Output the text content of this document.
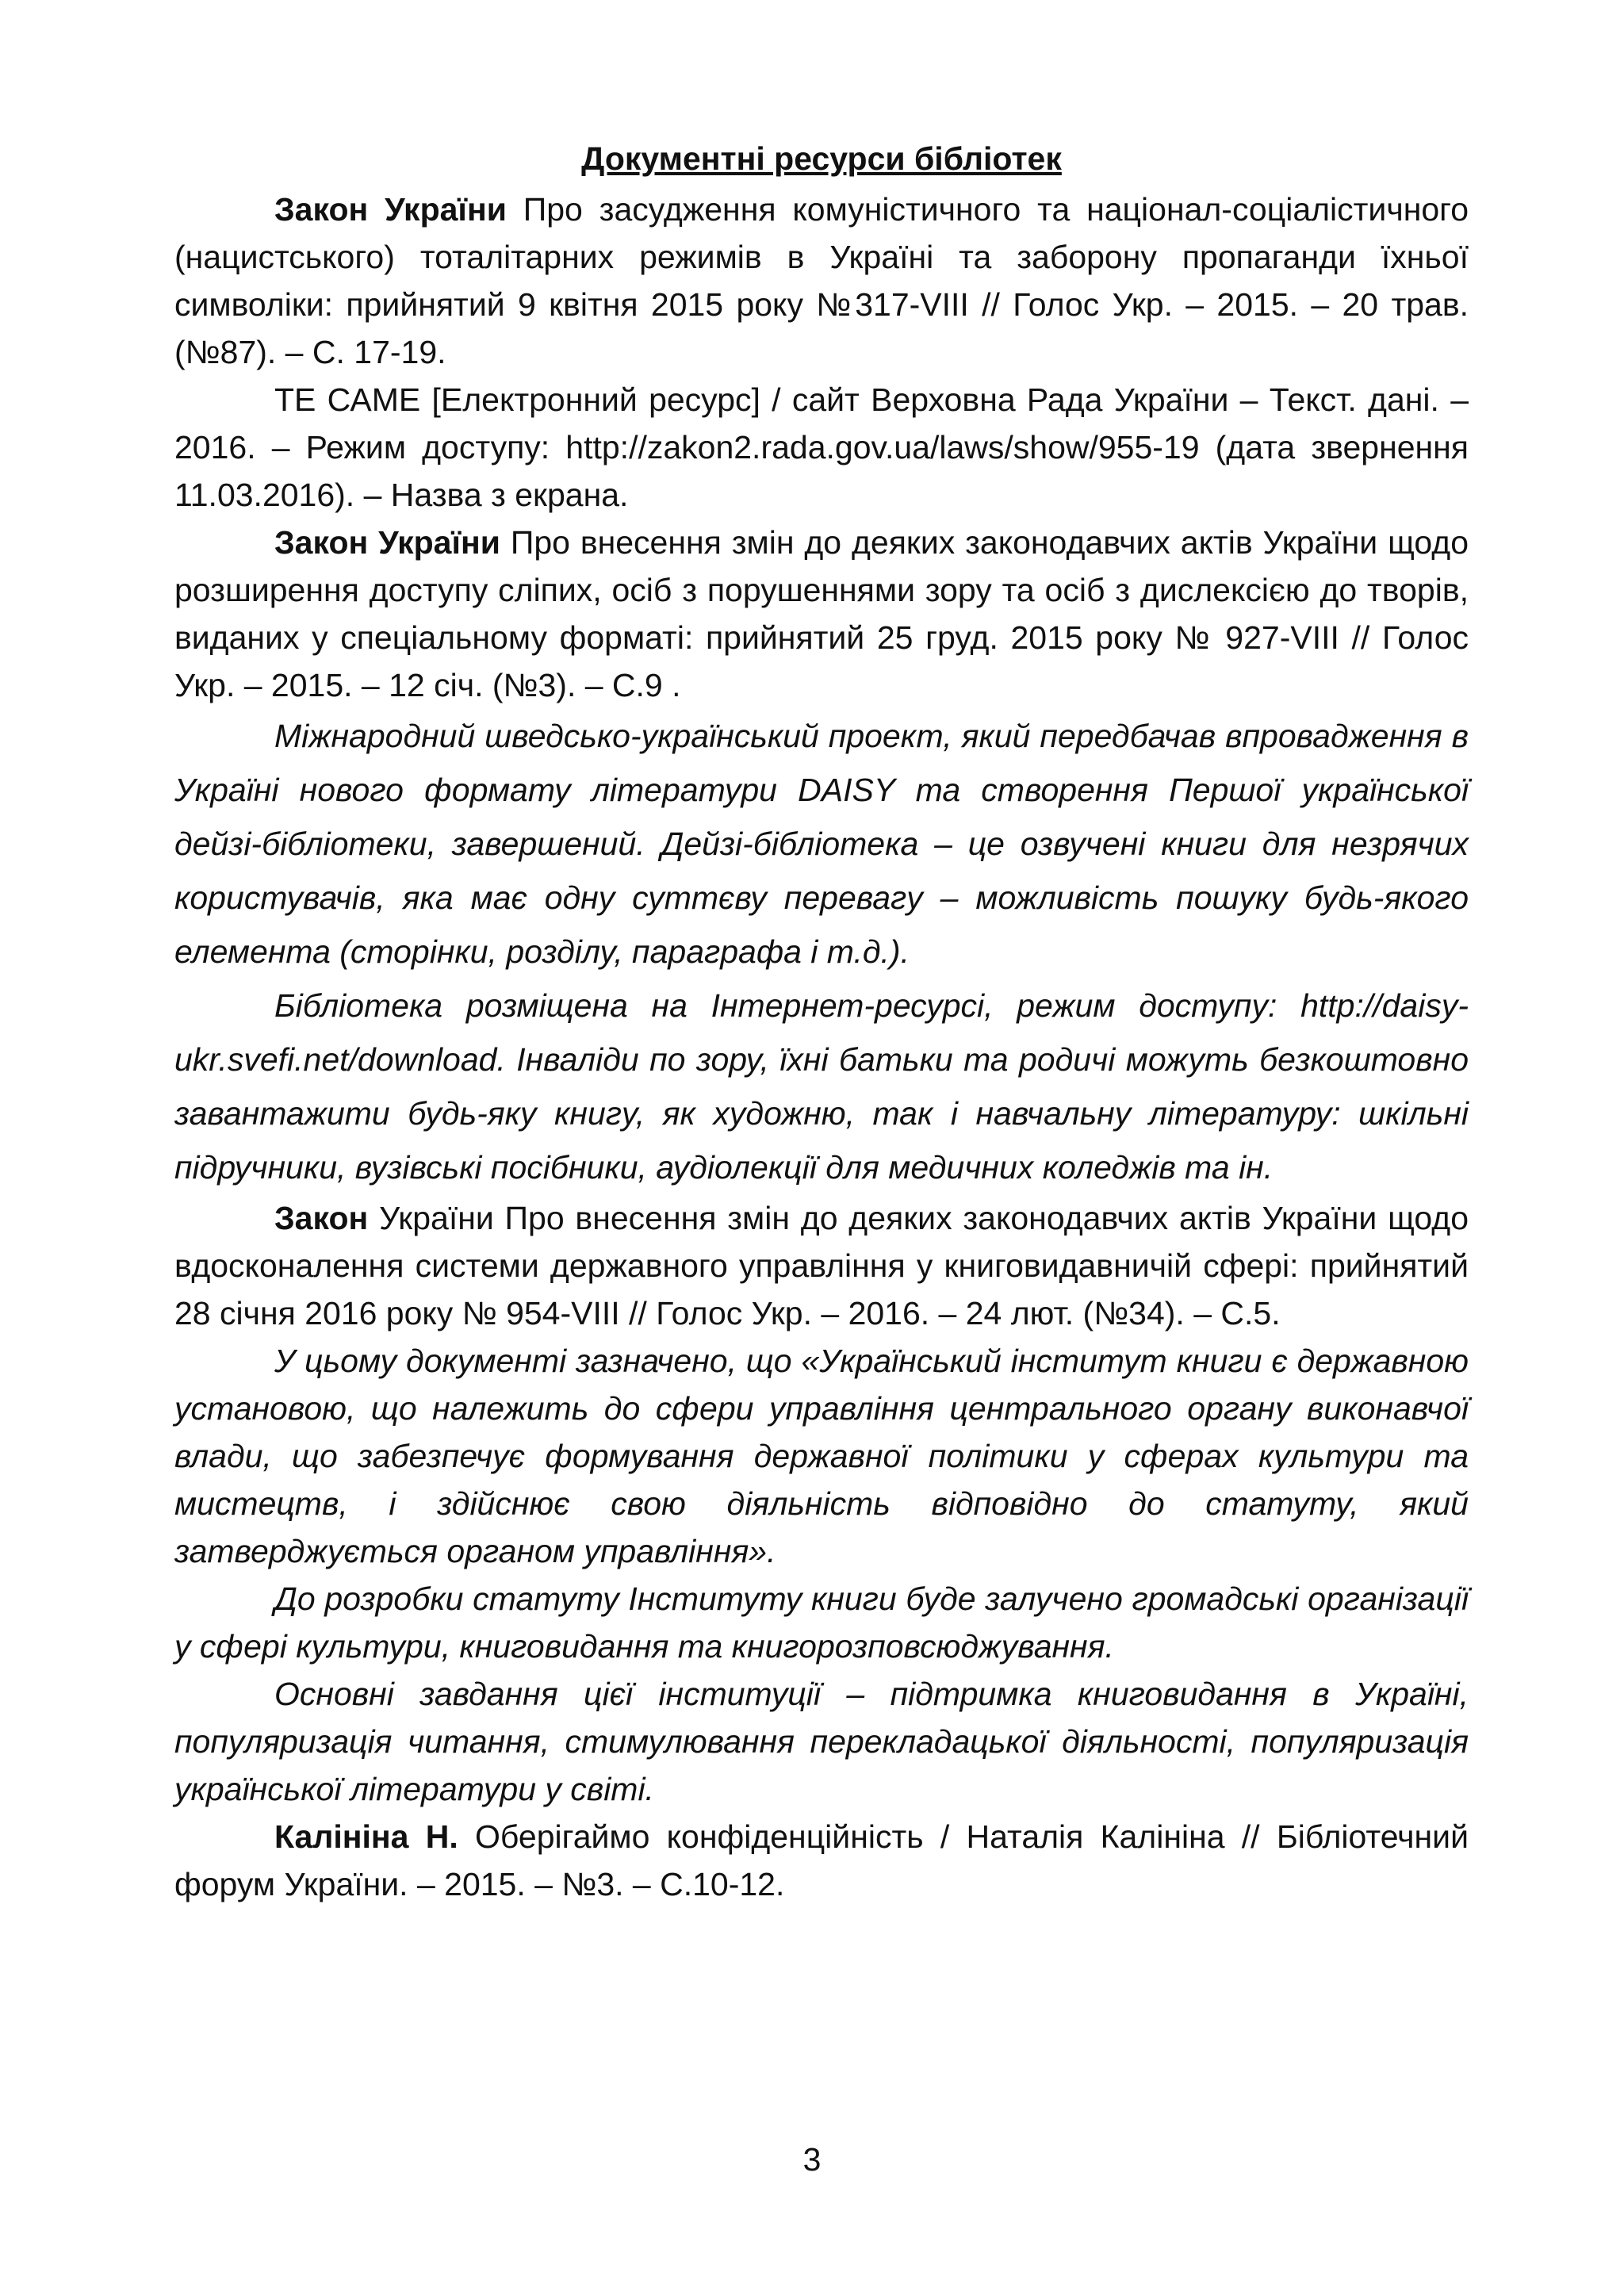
Документні ресурси бібліотек

Закон України Про засудження комуністичного та націонал-соціалістичного (нацистського) тоталітарних режимів в Україні та заборону пропаганди їхньої символіки: прийнятий 9 квітня 2015 року №317-VIII // Голос Укр. – 2015. – 20 трав. (№87). – С. 17-19.

ТЕ САМЕ [Електронний ресурс] / сайт Верховна Рада України – Текст. дані. – 2016. – Режим доступу: http://zakon2.rada.gov.ua/laws/show/955-19 (дата звернення 11.03.2016). – Назва з екрана.

Закон України Про внесення змін до деяких законодавчих актів України щодо розширення доступу сліпих, осіб з порушеннями зору та осіб з дислексією до творів, виданих у спеціальному форматі: прийнятий 25 груд. 2015 року № 927-VIII // Голос Укр. – 2015. – 12 січ. (№3). – С.9 .

Міжнародний шведсько-український проект, який передбачав впровадження в Україні нового формату літератури DAISY та створення Першої української дейзі-бібліотеки, завершений. Дейзі-бібліотека – це озвучені книги для незрячих користувачів, яка має одну суттєву перевагу – можливість пошуку будь-якого елемента (сторінки, розділу, параграфа і т.д.).

Бібліотека розміщена на Інтернет-ресурсі, режим доступу: http://daisy-ukr.svefi.net/download. Інваліди по зору, їхні батьки та родичі можуть безкоштовно завантажити будь-яку книгу, як художню, так і навчальну літературу: шкільні підручники, вузівські посібники, аудіолекції для медичних коледжів та ін.

Закон України Про внесення змін до деяких законодавчих актів України щодо вдосконалення системи державного управління у книговидавничій сфері: прийнятий 28 січня 2016 року № 954-VIII // Голос Укр. – 2016. – 24 лют. (№34). – С.5.

У цьому документі зазначено, що «Український інститут книги є державною установою, що належить до сфери управління центрального органу виконавчої влади, що забезпечує формування державної політики у сферах культури та мистецтв, і здійснює свою діяльність відповідно до статуту, який затверджується органом управління».

До розробки статуту Інституту книги буде залучено громадські організації у сфері культури, книговидання та книгорозповсюджування.

Основні завдання цієї інституції – підтримка книговидання в Україні, популяризація читання, стимулювання перекладацької діяльності, популяризація української літератури у світі.

Калініна Н. Оберігаймо конфіденційність / Наталія Калініна // Бібліотечний форум України. – 2015. – №3. – С.10-12.

3
